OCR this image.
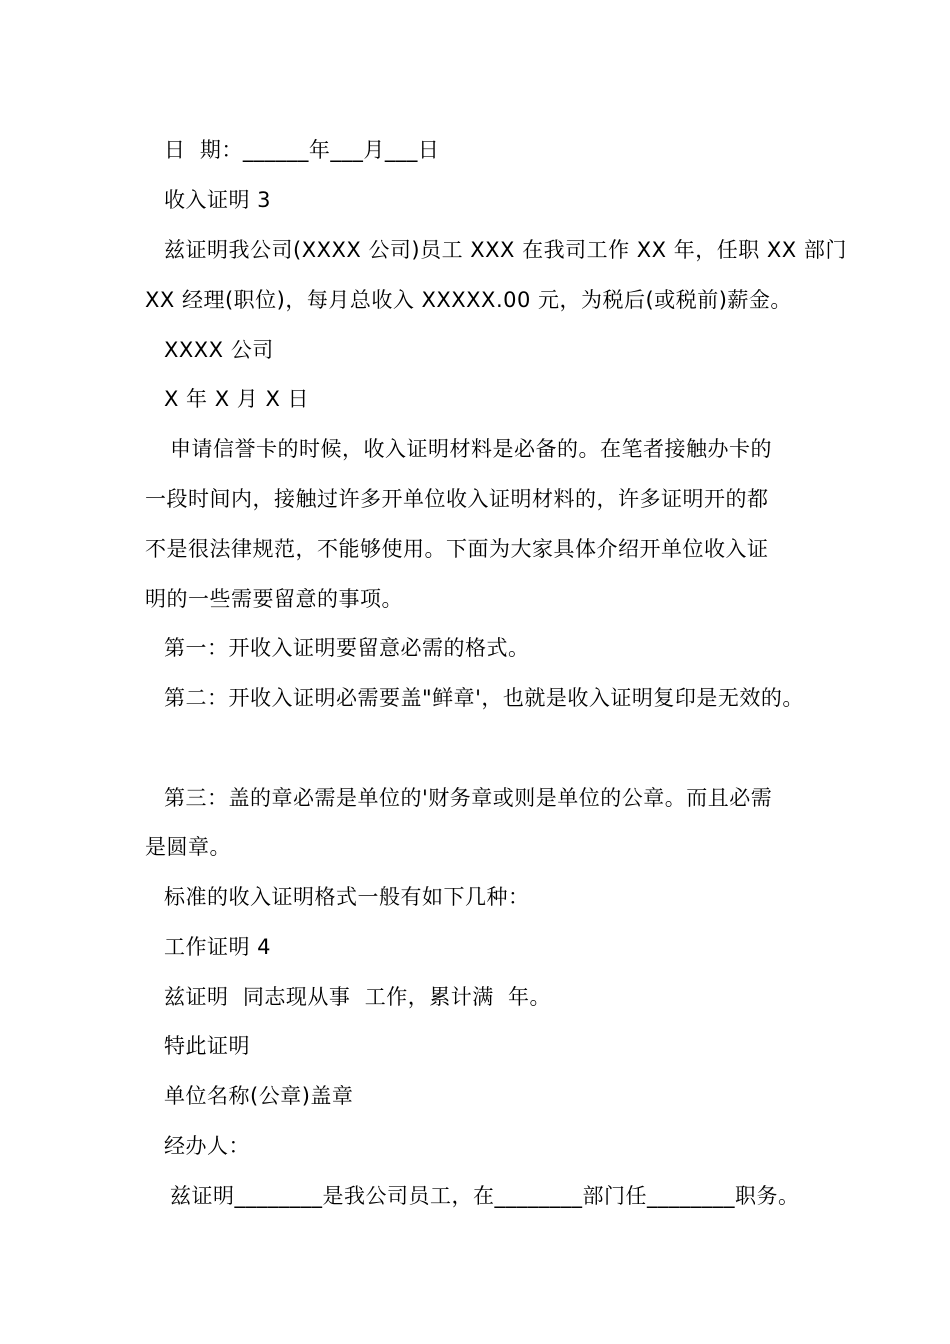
日  期：______年___月___日
收入证明 3
兹证明我公司(XXXX 公司)员工 XXX 在我司工作 XX 年，任职 XX 部门
XX 经理(职位)，每月总收入 XXXXX.00 元，为税后(或税前)薪金。
XXXX 公司
X 年 X 月 X 日
申请信誉卡的时候，收入证明材料是必备的。在笔者接触办卡的
一段时间内，接触过许多开单位收入证明材料的，许多证明开的都
不是很法律规范，不能够使用。下面为大家具体介绍开单位收入证
明的一些需要留意的事项。
第一：开收入证明要留意必需的格式。
第二：开收入证明必需要盖"鲜章'，也就是收入证明复印是无效的。
第三：盖的章必需是单位的'财务章或则是单位的公章。而且必需
是圆章。
标准的收入证明格式一般有如下几种：
工作证明 4
兹证明  同志现从事  工作，累计满  年。
特此证明
单位名称(公章)盖章
经办人：
兹证明________是我公司员工，在________部门任________职务。
